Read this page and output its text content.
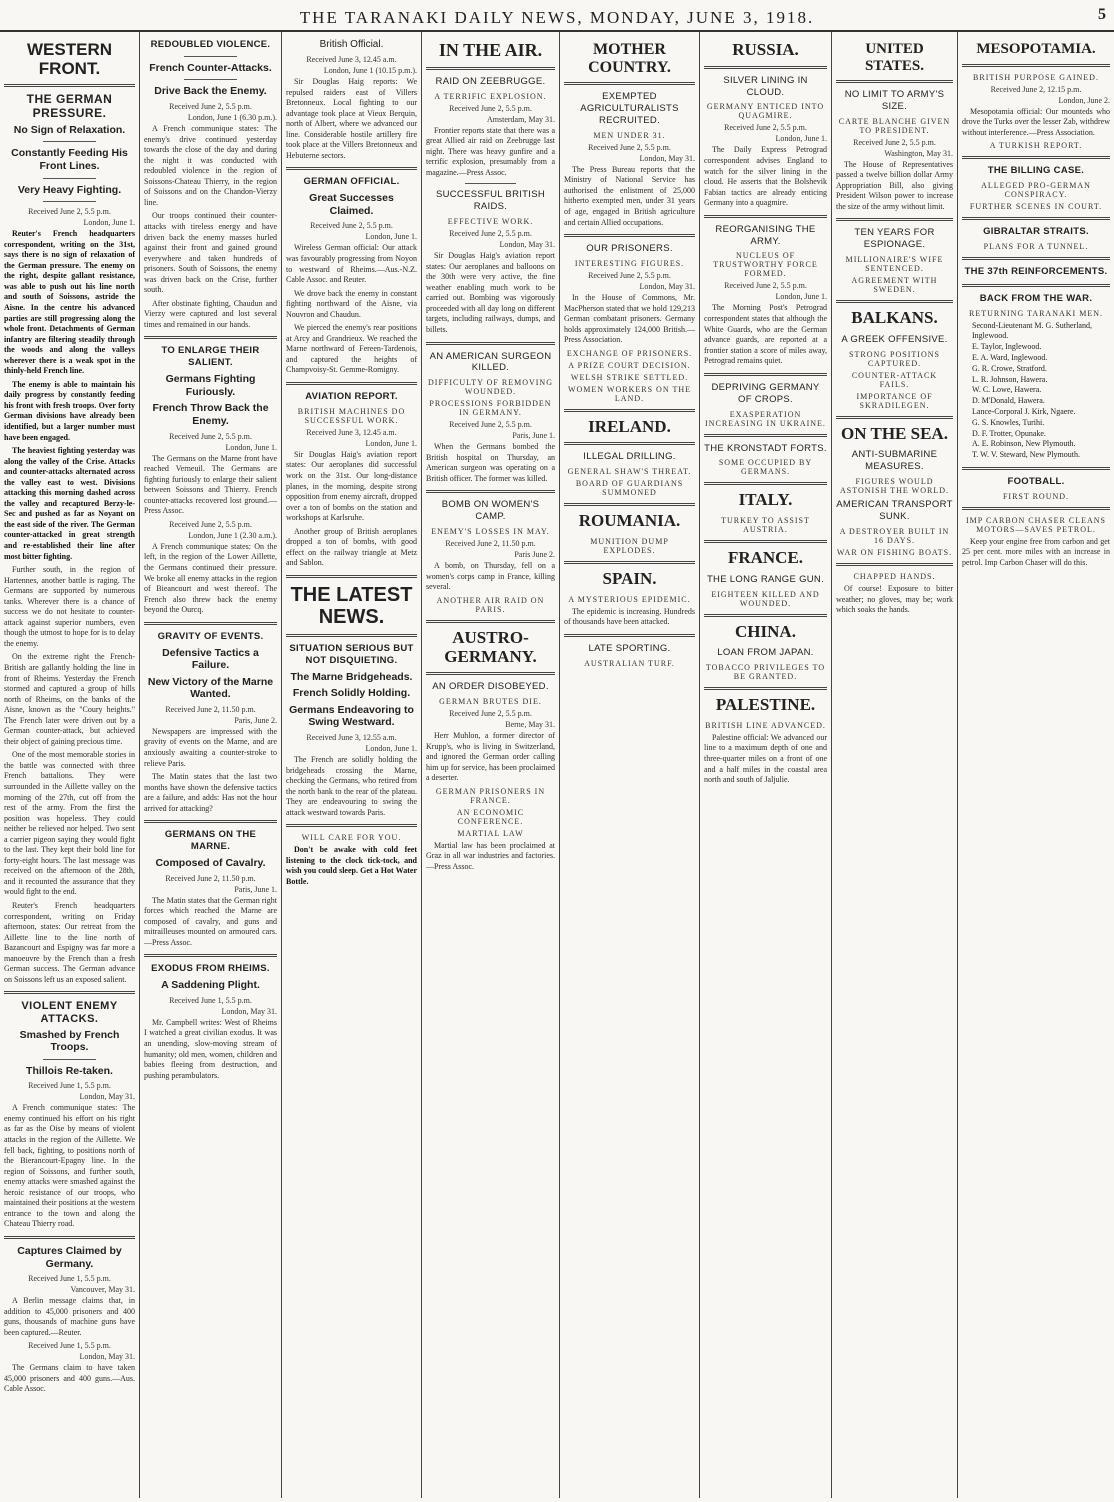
THE TARANAKI DAILY NEWS, MONDAY, JUNE 3, 1918.	5
WESTERN FRONT.
THE GERMAN PRESSURE.
No Sign of Relaxation.
Constantly Feeding His Front Lines.
Very Heavy Fighting.
Received June 2, 5.5 p.m.
London, June 1.

Reuter's French headquarters correspondent, writing on the 31st, says there is no sign of relaxation of the German pressure. The enemy on the right, despite gallant resistance, was able to push out his line north and south of Soissons, astride the Aisne. In the centre his advanced parties are still progressing along the whole front. Detachments of German infantry are filtering steadily through the woods and along the valleys wherever there is a weak spot in the thinly-held French line.

The enemy is able to maintain his daily progress by constantly feeding his front with fresh troops. Over forty German divisions have already been identified, but a larger number must have been engaged.

The heaviest fighting yesterday was along the valley of the Crise. Attacks and counter-attacks alternated across the valley east to west. Divisions attacking this morning dashed across the valley and recaptured Berzy-le-Sec and pushed as far as Noyant on the east side of the river. The German counter-attacked in great strength and re-established their line after most bitter fighting.

Further south, in the region of Hartennes, another battle is raging. The Germans are supported by numerous tanks. Wherever there is a chance of success we do not hesitate to counter-attack against superior numbers, even though the utmost to hope for is to delay the enemy.

On the extreme right the French-British are gallantly holding the line in front of Rheims. Yesterday the French stormed and captured a group of hills north of Rheims, on the banks of the Aisne, known as the "Coury heights." The French later were driven out by a German counter-attack, but achieved their object of gaining precious time.

One of the most memorable stories in the battle was connected with three French battalions. They were surrounded in the Aillette valley on the morning of the 27th, cut off from the rest of the army. From the first the position was hopeless. They could neither be relieved nor helped. Two sent a carrier pigeon saying they would fight to the last. They kept their bold line for forty-eight hours. The last message was received on the afternoon of the 28th, and it recounted the assurance that they would fight to the end.

Reuter's French headquarters correspondent, writing on Friday afternoon, states: Our retreat from the Aillette line to the line north of Bazancourt and Espigny was far more a manoeuvre by the French than a fresh German success. The German advance on Soissons left us an exposed salient.

VIOLENT ENEMY ATTACKS.
Smashed by French Troops.
Thillois Re-taken.
Received June 1, 5.5 p.m.
London, May 31.

A French communique states: The enemy continued his effort on his right as far as the Oise by means of violent attacks in the region of the Aillette. We fell back, fighting, to positions north of the Bierancourt-Epagny line. In the region of Soissons, and further south, enemy attacks were smashed against the heroic resistance of our troops, who maintained their positions at the western entrance to the town and along the Chateau Thierry road.

Captures Claimed by Germany.
Received June 1, 5.5 p.m.
Vancouver, May 31.

A Berlin message claims that, in addition to 45,000 prisoners and 400 guns, thousands of machine guns have been captured.—Reuter.

Received June 1, 5.5 p.m.
London, May 31.

The Germans claim to have taken 45,000 prisoners and 400 guns.—Aus. Cable Assoc.

REDOUBLED VIOLENCE.
French Counter-Attacks.
Drive Back the Enemy.
Received June 2, 5.5 p.m.
London, June 1 (6.30 p.m.).

A French communique states: The enemy's drive continued yesterday towards the close of the day and during the night it was conducted with redoubled violence in the region of Soissons-Chateau Thierry, in the region of Soissons and on the Chandon-Vierzy line.

Our troops continued their counter-attacks with tireless energy and have driven back the enemy masses hurled against their front and gained ground everywhere and taken hundreds of prisoners. South of Soissons, the enemy was driven back on the Crise, further south.

After obstinate fighting, Chaudun and Vierzy were captured and lost several times and remained in our hands.

TO ENLARGE THEIR SALIENT.
Germans Fighting Furiously.
French Throw Back the Enemy.
Received June 2, 5.5 p.m.
London, June 1.

The Germans on the Marne front have reached Verneuil. The Germans are fighting furiously to enlarge their salient between Soissons and Thierry. French counter-attacks recovered lost ground.—Press Assoc.

Received June 2, 5.5 p.m.
London, June 1 (2.30 a.m.).

A French communique states: On the left, in the region of the Lower Aillette, the Germans continued their pressure. We broke all enemy attacks in the region of Bieancourt and west thereof. The French also threw back the enemy beyond the Ourcq.

GRAVITY OF EVENTS.
Defensive Tactics a Failure.
New Victory of the Marne Wanted.
Received June 2, 11.50 p.m.
Paris, June 2.

Newspapers are impressed with the gravity of events on the Marne, and are anxiously awaiting a counter-stroke to relieve Paris.

The Matin states that the last two months have shown the defensive tactics are a failure, and adds: Has not the hour arrived for attacking?

GERMANS ON THE MARNE.
Composed of Cavalry.
Received June 2, 11.50 p.m.
Paris, June 1.

The Matin states that the German right forces which reached the Marne are composed of cavalry, and guns and mitrailleuses mounted on armoured cars.—Press Assoc.

EXODUS FROM RHEIMS.
A Saddening Plight.
Received June 1, 5.5 p.m.
London, May 31.

Mr. Campbell writes: West of Rheims I watched a great civilian exodus. It was an unending, slow-moving stream of humanity; old men, women, children and babies fleeing from destruction, and pushing perambulators.

British Official.
Received June 3, 12.45 a.m.
London, June 1 (10.15 p.m.).

Sir Douglas Haig reports: We repulsed raiders east of Villers Bretonneux. Local fighting to our advantage took place at Vieux Berquin, north of Albert, where we advanced our line. Considerable hostile artillery fire took place at the Villers Bretonneux and Hebuterne sectors.

GERMAN OFFICIAL.
Great Successes Claimed.
Received June 2, 5.5 p.m.
London, June 1.

Wireless German official: Our attack was favourably progressing from Noyon to westward of Rheims.—Aus.-N.Z. Cable Assoc. and Reuter.

We drove back the enemy in constant fighting northward of the Aisne, via Nouvron and Chaudun.

We pierced the enemy's rear positions at Arcy and Grandrieux. We reached the Marne northward of Fereen-Tardenois, and captured the heights of Champvoisy-St. Gemme-Romigny.

AVIATION REPORT.
BRITISH MACHINES DO SUCCESSFUL WORK.
Received June 3, 12.45 a.m.
London, June 1.

Sir Douglas Haig's aviation report states: Our aeroplanes did successful work on the 31st. Our long-distance planes, in the morning, despite strong opposition from enemy aircraft, dropped over a ton of bombs on the station and workshops at Karlsruhe.

Another group of British aeroplanes dropped a ton of bombs, with good effect on the railway triangle at Metz and Sablon.

THE LATEST NEWS.
SITUATION SERIOUS BUT NOT DISQUIETING.
The Marne Bridgeheads.
French Solidly Holding.
Germans Endeavoring to Swing Westward.
Received June 3, 12.55 a.m.
London, June 1.

The French are solidly holding the bridgeheads crossing the Marne, checking the Germans, who retired from the north bank to the rear of the plateau. They are endeavouring to swing the attack westward towards Paris.

WILL CARE FOR YOU.

Don't be awake with cold feet listening to the clock tick-tock, and wish you could sleep. Get a Hot Water Bottle.

IN THE AIR.
RAID ON ZEEBRUGGE.
A TERRIFIC EXPLOSION.
Received June 2, 5.5 p.m.
Amsterdam, May 31.

Frontier reports state that there was a great Allied air raid on Zeebrugge last night. There was heavy gunfire and a terrific explosion, presumably from a magazine.—Press Assoc.

SUCCESSFUL BRITISH RAIDS.
EFFECTIVE WORK.
Received June 2, 5.5 p.m.
London, May 31.

Sir Douglas Haig's aviation report states: Our aeroplanes and balloons on the 30th were very active, the fine weather enabling much work to be carried out. Bombing was vigorously proceeded with all day long on different targets, including railways, dumps, and billets.

AN AMERICAN SURGEON KILLED.
DIFFICULTY OF REMOVING WOUNDED.
PROCESSIONS FORBIDDEN IN GERMANY.
Received June 2, 5.5 p.m.
Paris, June 1.

When the Germans bombed the British hospital on Thursday, an American surgeon was operating on a British officer. The former was killed.

BOMB ON WOMEN'S CAMP.
ENEMY'S LOSSES IN MAY.
Received June 2, 11.50 p.m.
Paris June 2.

A bomb, on Thursday, fell on a women's corps camp in France, killing several.

ANOTHER AIR RAID ON PARIS.
AUSTRO-GERMANY.
AN ORDER DISOBEYED.
GERMAN BRUTES DIE.
Received June 2, 5.5 p.m.
Berne, May 31.

Herr Muhlon, a former director of Krupp's, who is living in Switzerland, and ignored the German order calling him up for service, has been proclaimed a deserter.

GERMAN PRISONERS IN FRANCE.
AN ECONOMIC CONFERENCE.
MARTIAL LAW

Martial law has been proclaimed at Graz in all war industries and factories.—Press Assoc.

MOTHER COUNTRY.
EXEMPTED AGRICULTURALISTS RECRUITED.
MEN UNDER 31.
Received June 2, 5.5 p.m.
London, May 31.

The Press Bureau reports that the Ministry of National Service has authorised the enlistment of 25,000 hitherto exempted men, under 31 years of age, engaged in British agriculture and certain Allied occupations.

OUR PRISONERS.
INTERESTING FIGURES.
Received June 2, 5.5 p.m.
London, May 31.

In the House of Commons, Mr. MacPherson stated that we hold 129,213 German combatant prisoners. Germany holds approximately 124,000 British.—Press Association.

EXCHANGE OF PRISONERS.
A PRIZE COURT DECISION.
WELSH STRIKE SETTLED.
WOMEN WORKERS ON THE LAND.
IRELAND.
ILLEGAL DRILLING.
GENERAL SHAW'S THREAT.
BOARD OF GUARDIANS SUMMONED
ROUMANIA.
MUNITION DUMP EXPLODES.
SPAIN.
A MYSTERIOUS EPIDEMIC.

The epidemic is increasing. Hundreds of thousands have been attacked.

LATE SPORTING.
AUSTRALIAN TURF.
RUSSIA.
SILVER LINING IN CLOUD.
GERMANY ENTICED INTO QUAGMIRE.
Received June 2, 5.5 p.m.
London, June 1.

The Daily Express Petrograd correspondent advises England to watch for the silver lining in the cloud. He asserts that the Bolshevik Fabian tactics are already enticing Germany into a quagmire.

REORGANISING THE ARMY.
NUCLEUS OF TRUSTWORTHY FORCE FORMED.
Received June 2, 5.5 p.m.
London, June 1.

The Morning Post's Petrograd correspondent states that although the White Guards, who are the German advance guards, are reported at a frontier station a score of miles away, Petrograd remains quiet.

DEPRIVING GERMANY OF CROPS.
EXASPERATION INCREASING IN UKRAINE.
THE KRONSTADT FORTS.
SOME OCCUPIED BY GERMANS.
ITALY.
TURKEY TO ASSIST AUSTRIA.
FRANCE.
THE LONG RANGE GUN.
EIGHTEEN KILLED AND WOUNDED.
CHINA.
LOAN FROM JAPAN.
TOBACCO PRIVILEGES TO BE GRANTED.
PALESTINE.
BRITISH LINE ADVANCED.

Palestine official: We advanced our line to a maximum depth of one and three-quarter miles on a front of one and a half miles in the coastal area north and south of Jaljulie.

UNITED STATES.
NO LIMIT TO ARMY'S SIZE.
CARTE BLANCHE GIVEN TO PRESIDENT.
Received June 2, 5.5 p.m.
Washington, May 31.

The House of Representatives passed a twelve billion dollar Army Appropriation Bill, also giving President Wilson power to increase the size of the army without limit.

TEN YEARS FOR ESPIONAGE.
MILLIONAIRE'S WIFE SENTENCED.
AGREEMENT WITH SWEDEN.
BALKANS.
A GREEK OFFENSIVE.
STRONG POSITIONS CAPTURED.
COUNTER-ATTACK FAILS.
IMPORTANCE OF SKRADILEGEN.
ON THE SEA.
ANTI-SUBMARINE MEASURES.
FIGURES WOULD ASTONISH THE WORLD.
AMERICAN TRANSPORT SUNK.
A DESTROYER BUILT IN 16 DAYS.
WAR ON FISHING BOATS.
CHAPPED HANDS.

Of course! Exposure to bitter weather; no gloves, may be; work which soaks the hands.

MESOPOTAMIA.
BRITISH PURPOSE GAINED.
Received June 2, 12.15 p.m.
London, June 2.

Mesopotamia official: Our mounteds who drove the Turks over the lesser Zab, withdrew without interference.—Press Association.

A TURKISH REPORT.
THE BILLING CASE.
ALLEGED PRO-GERMAN CONSPIRACY.
FURTHER SCENES IN COURT.
GIBRALTAR STRAITS.
PLANS FOR A TUNNEL.
THE 37th REINFORCEMENTS.
BACK FROM THE WAR.
RETURNING TARANAKI MEN.
Second-Lieutenant M. G. Sutherland, Inglewood.
E. Taylor, Inglewood.
E. A. Ward, Inglewood.
G. R. Crowe, Stratford.
L. R. Johnson, Hawera.
W. C. Lowe, Hawera.
D. M'Donald, Hawera.
Lance-Corporal J. Kirk, Ngaere.
G. S. Knowles, Turihi.
D. F. Trotter, Opunake.
A. E. Robinson, New Plymouth.
T. W. V. Steward, New Plymouth.
FOOTBALL.
FIRST ROUND.
IMP CARBON CHASER CLEANS MOTORS—SAVES PETROL.

Keep your engine free from carbon and get 25 per cent. more miles with an increase in petrol. Imp Carbon Chaser will do this.
